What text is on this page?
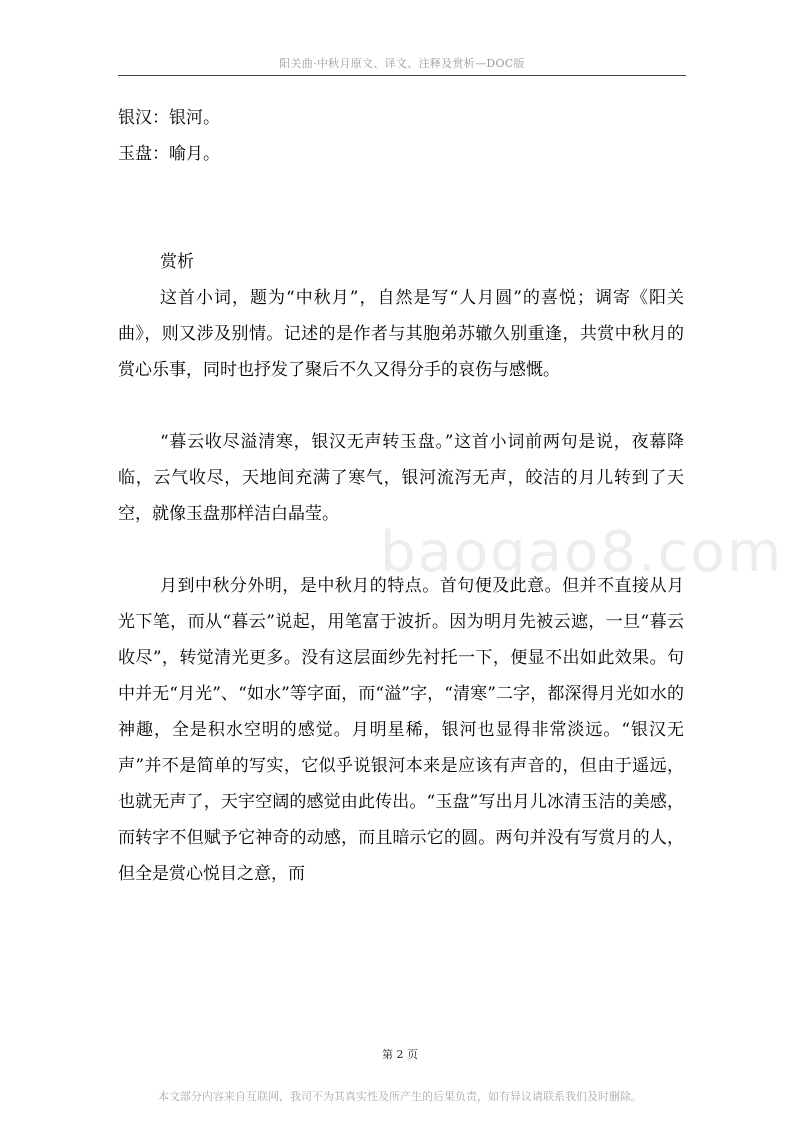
阳关曲·中秋月原文、译文、注释及赏析—DOC版
baogao8.com

银汉：银河。

玉盘：喻月。

赏析

这首小词，题为“中秋月”，自然是写“人月圆”的喜悦；调寄《阳关曲》，则又涉及别情。记述的是作者与其胞弟苏辙久别重逢，共赏中秋月的赏心乐事，同时也抒发了聚后不久又得分手的哀伤与感慨。

“暮云收尽溢清寒，银汉无声转玉盘。”这首小词前两句是说，夜幕降临，云气收尽，天地间充满了寒气，银河流泻无声，皎洁的月儿转到了天空，就像玉盘那样洁白晶莹。

月到中秋分外明，是中秋月的特点。首句便及此意。但并不直接从月光下笔，而从“暮云”说起，用笔富于波折。因为明月先被云遮，一旦“暮云收尽”，转觉清光更多。没有这层面纱先衬托一下，便显不出如此效果。句中并无“月光”、“如水”等字面，而“溢”字，“清寒”二字，都深得月光如水的神趣，全是积水空明的感觉。月明星稀，银河也显得非常淡远。“银汉无声”并不是简单的写实，它似乎说银河本来是应该有声音的，但由于遥远，也就无声了，天宇空阔的感觉由此传出。“玉盘”写出月儿冰清玉洁的美感，而转字不但赋予它神奇的动感，而且暗示它的圆。两句并没有写赏月的人，但全是赏心悦目之意，而

第 2 页
本文部分内容来自互联网，我司不为其真实性及所产生的后果负责，如有异议请联系我们及时删除。
